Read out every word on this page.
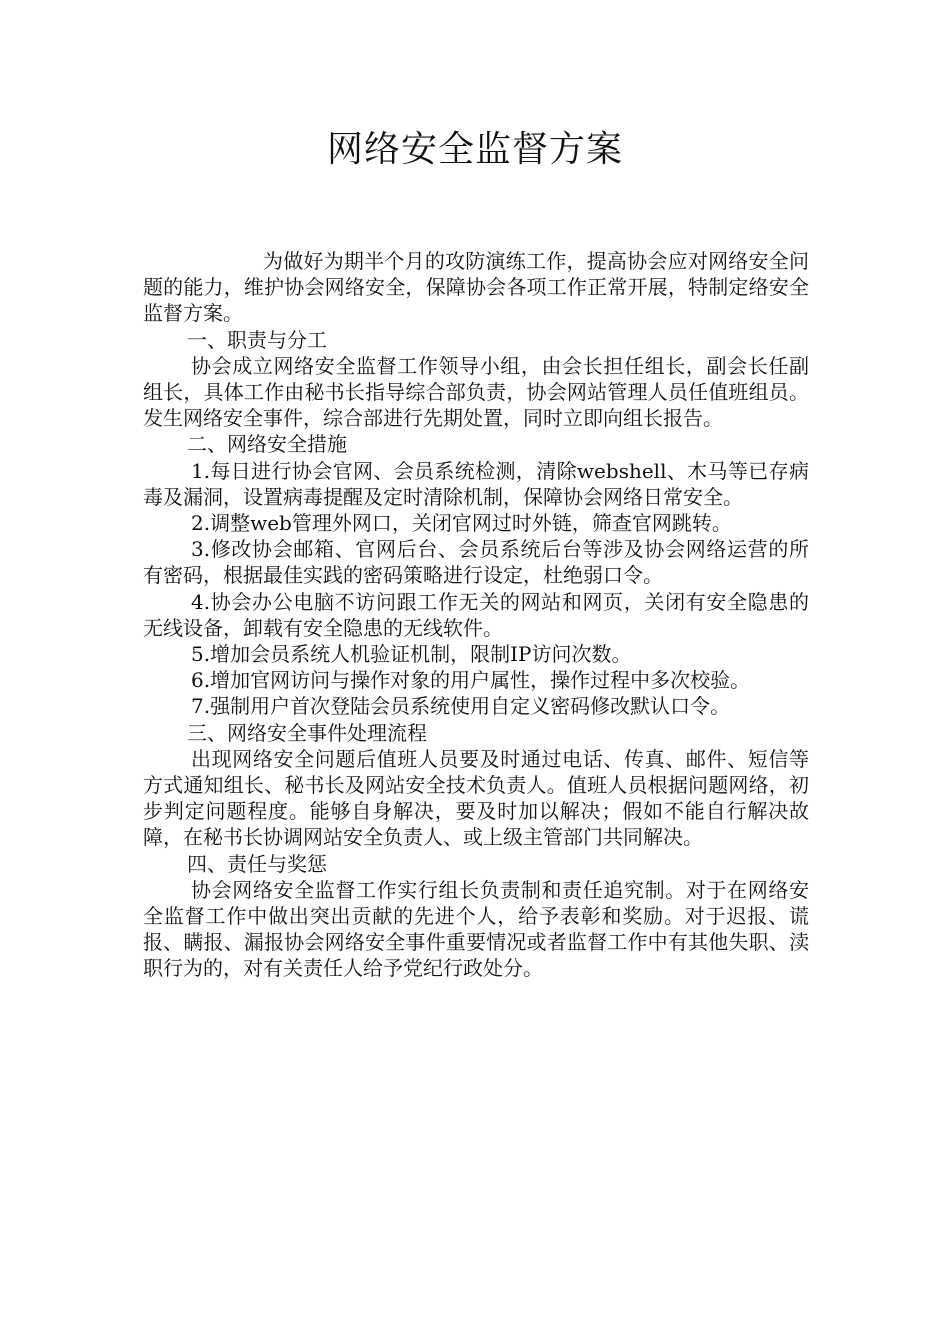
网络安全监督方案

为做好为期半个月的攻防演练工作，提高协会应对网络安全问题的能力，维护协会网络安全，保障协会各项工作正常开展，特制定络安全监督方案。

一、职责与分工

协会成立网络安全监督工作领导小组，由会长担任组长，副会长任副组长，具体工作由秘书长指导综合部负责，协会网站管理人员任值班组员。发生网络安全事件，综合部进行先期处置，同时立即向组长报告。

二、网络安全措施

1.每日进行协会官网、会员系统检测，清除webshell、木马等已存病毒及漏洞，设置病毒提醒及定时清除机制，保障协会网络日常安全。

2.调整web管理外网口，关闭官网过时外链，筛查官网跳转。

3.修改协会邮箱、官网后台、会员系统后台等涉及协会网络运营的所有密码，根据最佳实践的密码策略进行设定，杜绝弱口令。

4.协会办公电脑不访问跟工作无关的网站和网页，关闭有安全隐患的无线设备，卸载有安全隐患的无线软件。

5.增加会员系统人机验证机制，限制IP访问次数。

6.增加官网访问与操作对象的用户属性，操作过程中多次校验。

7.强制用户首次登陆会员系统使用自定义密码修改默认口令。

三、网络安全事件处理流程

出现网络安全问题后值班人员要及时通过电话、传真、邮件、短信等方式通知组长、秘书长及网站安全技术负责人。值班人员根据问题网络，初步判定问题程度。能够自身解决，要及时加以解决；假如不能自行解决故障，在秘书长协调网站安全负责人、或上级主管部门共同解决。

四、责任与奖惩

协会网络安全监督工作实行组长负责制和责任追究制。对于在网络安全监督工作中做出突出贡献的先进个人，给予表彰和奖励。对于迟报、谎报、瞒报、漏报协会网络安全事件重要情况或者监督工作中有其他失职、渎职行为的，对有关责任人给予党纪行政处分。
